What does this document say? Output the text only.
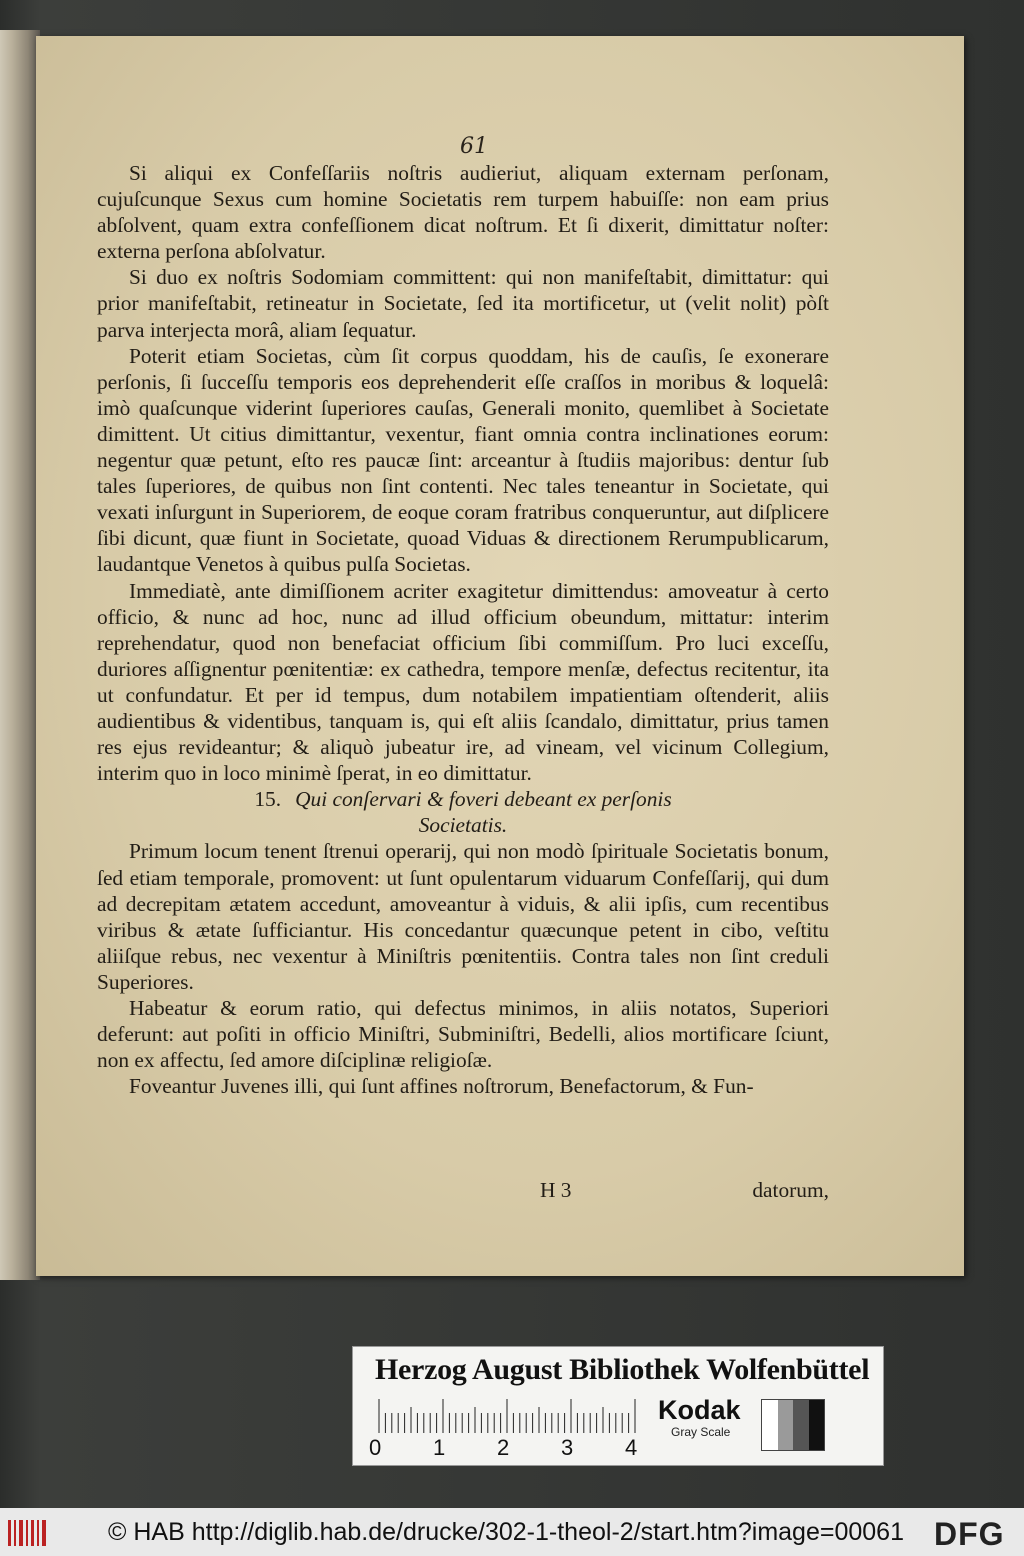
61

Si aliqui ex Confeſſariis noſtris audieriut, aliquam externam perſonam, cujuſcunque Sexus cum homine Societatis rem turpem habuiſſe: non eam prius abſolvent, quam extra confeſſionem dicat noſtrum. Et ſi dixerit, dimittatur noſter: externa perſona abſolvatur.

Si duo ex noſtris Sodomiam committent: qui non manifeſtabit, dimittatur: qui prior manifeſtabit, retineatur in Societate, ſed ita mortificetur, ut (velit nolit) pòſt parva interjecta morâ, aliam ſequatur.

Poterit etiam Societas, cùm ſit corpus quoddam, his de cauſis, ſe exonerare perſonis, ſi ſucceſſu temporis eos deprehenderit eſſe craſſos in moribus & loquelâ: imò quaſcunque viderint ſuperiores cauſas, Generali monito, quemlibet à Societate dimittent. Ut citius dimittantur, vexentur, fiant omnia contra inclinationes eorum: negentur quæ petunt, eſto res paucæ ſint: arceantur à ſtudiis majoribus: dentur ſub tales ſuperiores, de quibus non ſint contenti. Nec tales teneantur in Societate, qui vexati inſurgunt in Superiorem, de eoque coram fratribus conqueruntur, aut diſplicere ſibi dicunt, quæ fiunt in Societate, quoad Viduas & directionem Rerumpublicarum, laudantque Venetos à quibus pulſa Societas.

Immediatè, ante dimiſſionem acriter exagitetur dimittendus: amoveatur à certo officio, & nunc ad hoc, nunc ad illud officium obeundum, mittatur: interim reprehendatur, quod non benefaciat officium ſibi commiſſum. Pro luci exceſſu, duriores aſſignentur pœnitentiæ: ex cathedra, tempore menſæ, defectus recitentur, ita ut confundatur. Et per id tempus, dum notabilem impatientiam oſtenderit, aliis audientibus & videntibus, tanquam is, qui eſt aliis ſcandalo, dimittatur, prius tamen res ejus revideantur; & aliquò jubeatur ire, ad vineam, vel vicinum Collegium, interim quo in loco minimè ſperat, in eo dimittatur.

15. Qui conſervari & foveri debeant ex perſonis

Societatis.

Primum locum tenent ſtrenui operarij, qui non modò ſpirituale Societatis bonum, ſed etiam temporale, promovent: ut ſunt opulentarum viduarum Confeſſarij, qui dum ad decrepitam ætatem accedunt, amoveantur à viduis, & alii ipſis, cum recentibus viribus & ætate ſufficiantur. His concedantur quæcunque petent in cibo, veſtitu aliiſque rebus, nec vexentur à Miniſtris pœnitentiis. Contra tales non ſint creduli Superiores.

Habeatur & eorum ratio, qui defectus minimos, in aliis notatos, Superiori deferunt: aut poſiti in officio Miniſtri, Subminiſtri, Bedelli, alios mortificare ſciunt, non ex affectu, ſed amore diſciplinæ religioſæ.

Foveantur Juvenes illi, qui ſunt affines noſtrorum, Benefactorum, & Fun-

H 3	datorum,
Herzog August Bibliothek Wolfenbüttel
0 1 2 3 4
Kodak
Gray Scale
© HAB http://diglib.hab.de/drucke/302-1-theol-2/start.htm?image=00061 DFG
